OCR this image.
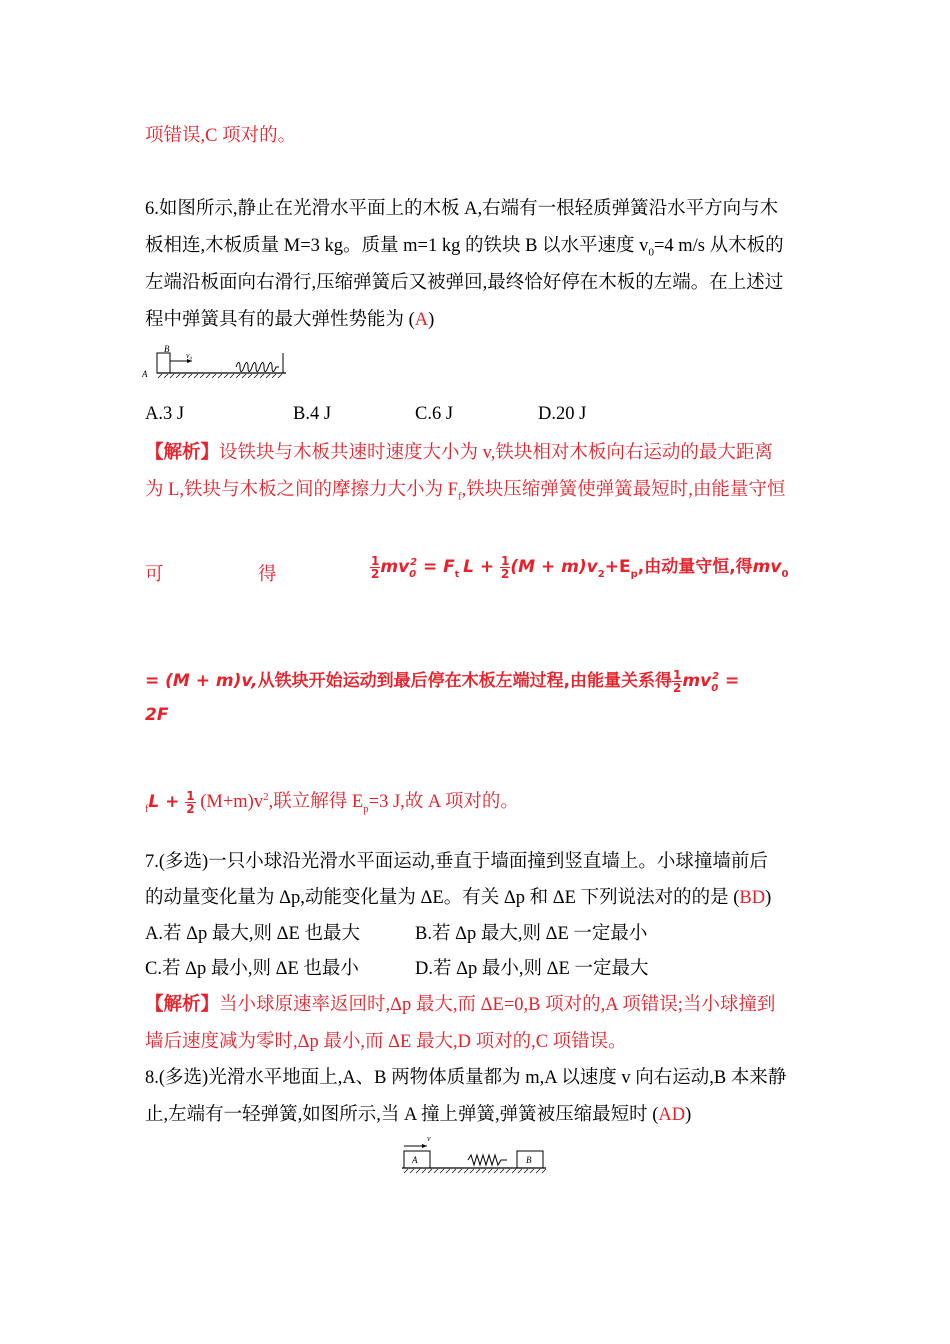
项错误,C 项对的。
6.如图所示,静止在光滑水平面上的木板 A,右端有一根轻质弹簧沿水平方向与木
板相连,木板质量 M=3 kg。质量 m=1 kg 的铁块 B 以水平速度 $v_0=4$ m/s 从木板的
左端沿板面向右滑行,压缩弹簧后又被弹回,最终恰好停在木板的左端。在上述过
程中弹簧具有的最大弹性势能为 (A)
B
v₀
A
A.3 J	B.4 J	C.6 J	D.20 J
【解析】设铁块与木板共速时速度大小为 v,铁块相对木板向右运动的最大距离
为 L,铁块与木板之间的摩擦力大小为 $F_f$,铁块压缩弹簧使弹簧最短时,由能量守恒
可	得	$\frac{1}{2} mv_0^2 = F_t$ $L + \frac{1}{2} (M + m)v_2+E_p$,由动量守恒,得$mv_0$
= (M + m)v,从铁块开始运动到最后停在木板左端过程,由能量关系得 $\frac{1}{2} mv_0^2$ =
2F
$_fL + \frac{1}{2} (M+m)v^2$,联立解得 $E_p=3$ J,故 A 项对的。
7.(多选)一只小球沿光滑水平面运动,垂直于墙面撞到竖直墙上。小球撞墙前后
的动量变化量为 Δp,动能变化量为 ΔE。有关 Δp 和 ΔE 下列说法对的的是 (BD)
A.若 Δp 最大,则 ΔE 也最大	B.若 Δp 最大,则 ΔE 一定最小
C.若 Δp 最小,则 ΔE 也最小	D.若 Δp 最小,则 ΔE 一定最大
【解析】当小球原速率返回时,Δp 最大,而 ΔE=0,B 项对的,A 项错误;当小球撞到
墙后速度减为零时,Δp 最小,而 ΔE 最大,D 项对的,C 项错误。
8.(多选)光滑水平地面上,A、B 两物体质量都为 m,A 以速度 v 向右运动,B 本来静
止,左端有一轻弹簧,如图所示,当 A 撞上弹簧,弹簧被压缩最短时 (AD)
v
A	B
